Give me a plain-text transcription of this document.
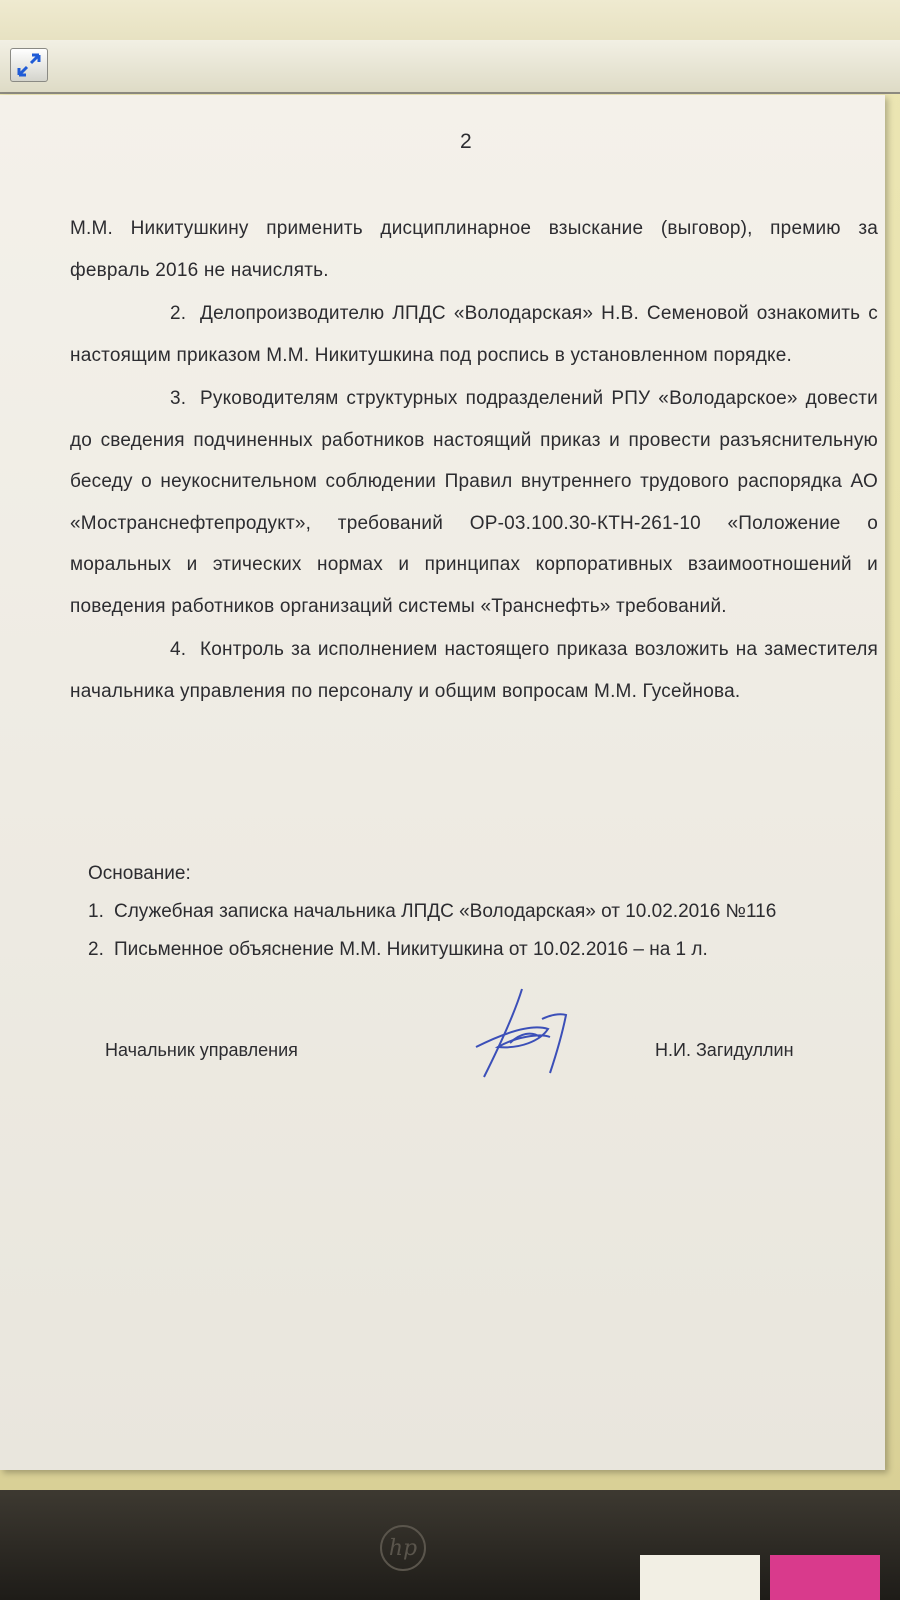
2

М.М. Никитушкину применить дисциплинарное взыскание (выговор), премию за февраль 2016 не начислять.

2. Делопроизводителю ЛПДС «Володарская» Н.В. Семеновой ознакомить с настоящим приказом М.М. Никитушкина под роспись в установленном порядке.

3. Руководителям структурных подразделений РПУ «Володарское» довести до сведения подчиненных работников настоящий приказ и провести разъяснительную беседу о неукоснительном соблюдении Правил внутреннего трудового распорядка АО «Мостранснефтепродукт», требований ОР-03.100.30-КТН-261-10 «Положение о моральных и этических нормах и принципах корпоративных взаимоотношений и поведения работников организаций системы «Транснефть» требований.

4. Контроль за исполнением настоящего приказа возложить на заместителя начальника управления по персоналу и общим вопросам М.М. Гусейнова.

Основание:
1. Служебная записка начальника ЛПДС «Володарская» от 10.02.2016 №116
2. Письменное объяснение М.М. Никитушкина от 10.02.2016 – на 1 л.
Начальник управления	Н.И. Загидуллин
hp
